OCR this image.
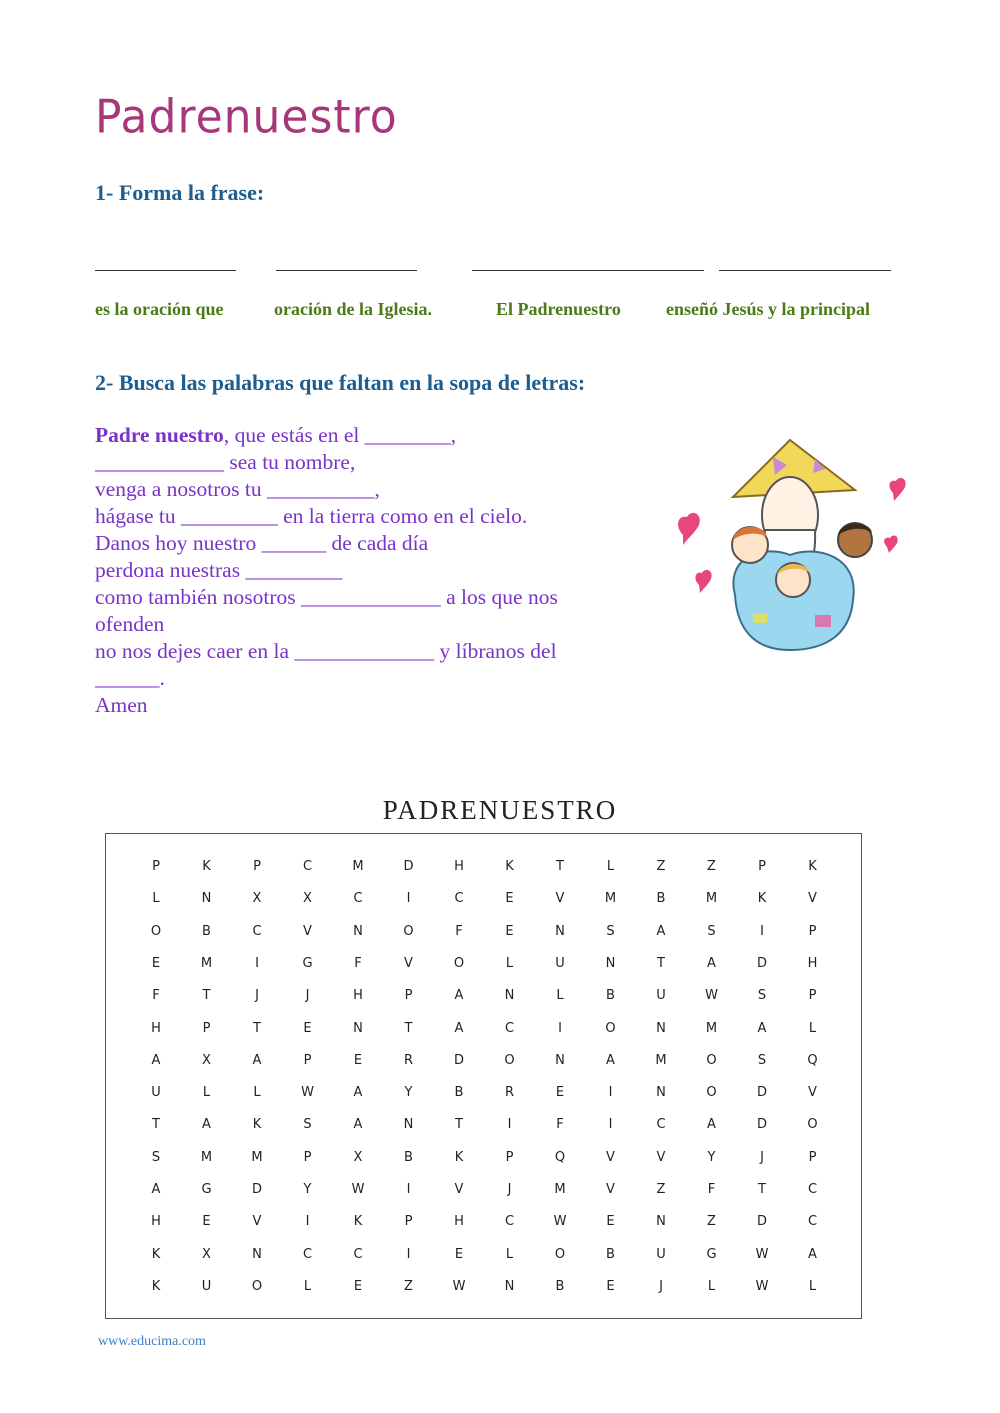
Padrenuestro
1- Forma la frase:
es la oración que	oración de la Iglesia.	El Padrenuestro	enseñó Jesús y la principal
2- Busca las palabras que faltan en la sopa de letras:
Padre nuestro, que estás en el ________,
____________ sea tu nombre,
venga a nosotros tu __________,
hágase tu _________ en la tierra como en el cielo.
Danos hoy nuestro ______ de cada día
perdona nuestras _________
como también nosotros _____________ a los que nos
ofenden
no nos dejes caer en la _____________ y líbranos del
______.
Amen
PADRENUESTRO
P	K	P	C	M	D	H	K	T	L	Z	Z	P	K
L	N	X	X	C	I	C	E	V	M	B	M	K	V
O	B	C	V	N	O	F	E	N	S	A	S	I	P
E	M	I	G	F	V	O	L	U	N	T	A	D	H
F	T	J	J	H	P	A	N	L	B	U	W	S	P
H	P	T	E	N	T	A	C	I	O	N	M	A	L
A	X	A	P	E	R	D	O	N	A	M	O	S	Q
U	L	L	W	A	Y	B	R	E	I	N	O	D	V
T	A	K	S	A	N	T	I	F	I	C	A	D	O
S	M	M	P	X	B	K	P	Q	V	V	Y	J	P
A	G	D	Y	W	I	V	J	M	V	Z	F	T	C
H	E	V	I	K	P	H	C	W	E	N	Z	D	C
K	X	N	C	C	I	E	L	O	B	U	G	W	A
K	U	O	L	E	Z	W	N	B	E	J	L	W	L
www.educima.com
